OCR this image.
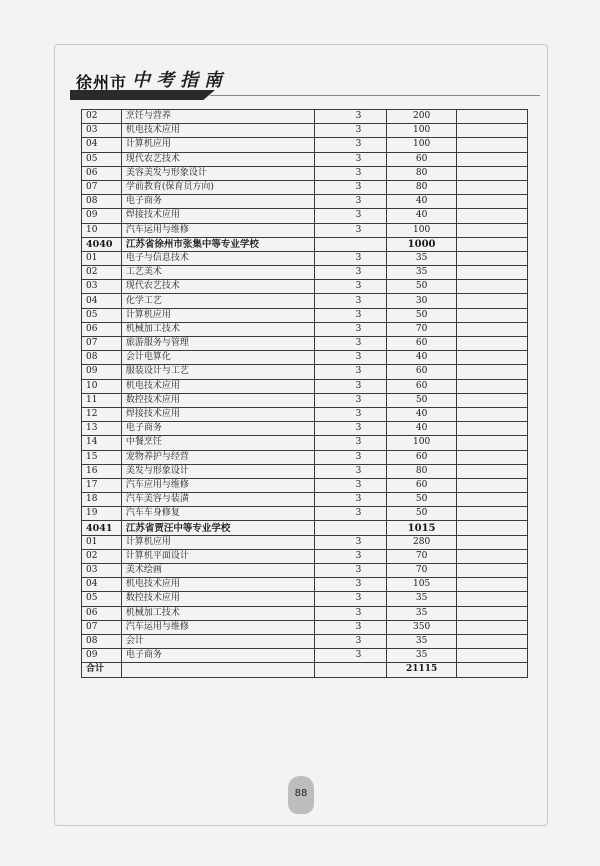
徐州市 中考指南
02	烹饪与营养	3	200	
03	机电技术应用	3	100	
04	计算机应用	3	100	
05	现代农艺技术	3	60	
06	美容美发与形象设计	3	80	
07	学前教育(保育员方向)	3	80	
08	电子商务	3	40	
09	焊接技术应用	3	40	
10	汽车运用与维修	3	100	
4040	江苏省徐州市张集中等专业学校		1000	
01	电子与信息技术	3	35	
02	工艺美术	3	35	
03	现代农艺技术	3	50	
04	化学工艺	3	30	
05	计算机应用	3	50	
06	机械加工技术	3	70	
07	旅游服务与管理	3	60	
08	会计电算化	3	40	
09	服装设计与工艺	3	60	
10	机电技术应用	3	60	
11	数控技术应用	3	50	
12	焊接技术应用	3	40	
13	电子商务	3	40	
14	中餐烹饪	3	100	
15	宠物养护与经营	3	60	
16	美发与形象设计	3	80	
17	汽车应用与维修	3	60	
18	汽车美容与装潢	3	50	
19	汽车车身修复	3	50	
4041	江苏省贾汪中等专业学校		1015	
01	计算机应用	3	280	
02	计算机平面设计	3	70	
03	美术绘画	3	70	
04	机电技术应用	3	105	
05	数控技术应用	3	35	
06	机械加工技术	3	35	
07	汽车运用与维修	3	350	
08	会计	3	35	
09	电子商务	3	35	
合计			21115	
88
